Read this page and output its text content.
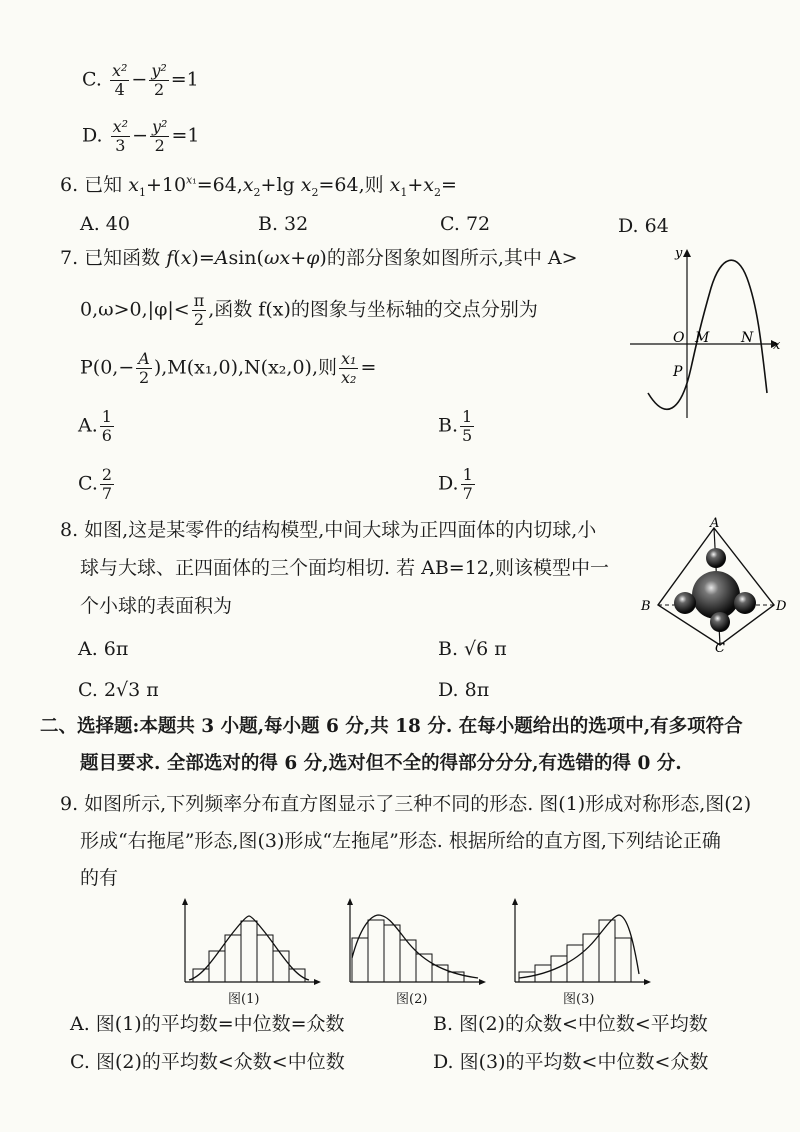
C. $\frac{\text{x²}}{4} - \frac{\text{y²}}{2} =1$
D. $\frac{\text{x²}}{3} - \frac{\text{y²}}{2} =1$
6. 已知 $x_1+10^{x_1}=64,x_2+\lg$ $x_2=64$,则 $x_1+x_2=$
A. 40	B. 32	C. 72	D. 64
7. 已知函数 f(x)=Asin(ωx+φ)的部分图象如图所示,其中 A>
$0,\omega>0,|\varphi|< \frac{\pi}{2}$ ,函数 f(x)的图象与坐标轴的交点分别为
$P(0,- \frac{A}{2} ),M(x_1,0),N(x_2,0)$,则 $\frac{\text{x₁}}{\text{x₂}}$ =
A. $\frac{1}{6}$	B. $\frac{1}{5}$
C. $\frac{2}{7}$	D. $\frac{1}{7}$
y
x
O M N
P
8. 如图,这是某零件的结构模型,中间大球为正四面体的内切球,小
球与大球、正四面体的三个面均相切. 若 AB=12,则该模型中一
个小球的表面积为
A. 6π	B. √6 π
C. 2√3 π	D. 8π
A
B
C
D
二、选择题:本题共 3 小题,每小题 6 分,共 18 分. 在每小题给出的选项中,有多项符合
题目要求. 全部选对的得 6 分,选对但不全的得部分分分,有选错的得 0 分.
9. 如图所示,下列频率分布直方图显示了三种不同的形态. 图(1)形成对称形态,图(2)
形成“右拖尾”形态,图(3)形成“左拖尾”形态. 根据所给的直方图,下列结论正确
的有
图(1)	图(2)	图(3)
A. 图(1)的平均数=中位数=众数	B. 图(2)的众数<中位数<平均数
C. 图(2)的平均数<众数<中位数	D. 图(3)的平均数<中位数<众数
